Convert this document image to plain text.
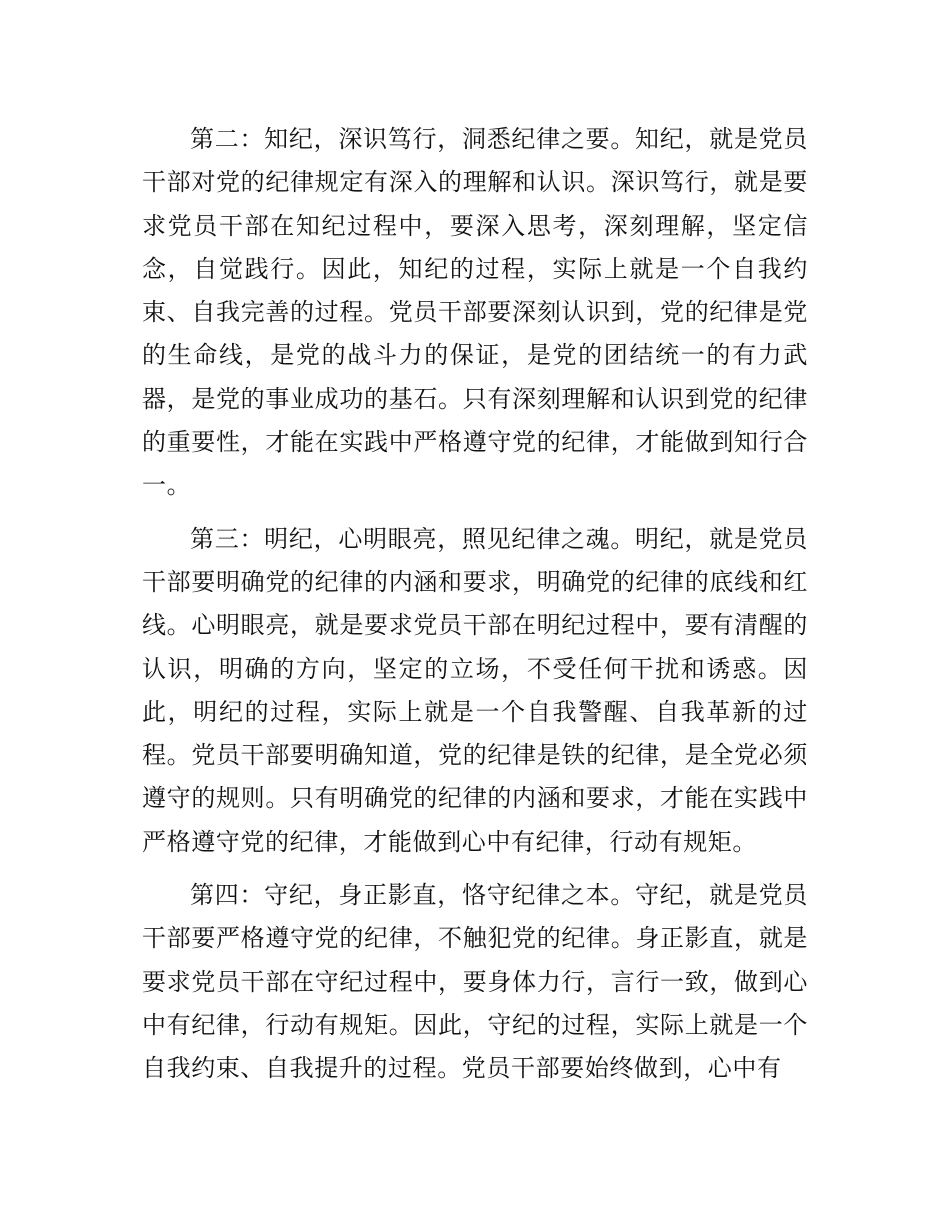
第二：知纪，深识笃行，洞悉纪律之要。知纪，就是党员干部对党的纪律规定有深入的理解和认识。深识笃行，就是要求党员干部在知纪过程中，要深入思考，深刻理解，坚定信念，自觉践行。因此，知纪的过程，实际上就是一个自我约束、自我完善的过程。党员干部要深刻认识到，党的纪律是党的生命线，是党的战斗力的保证，是党的团结统一的有力武器，是党的事业成功的基石。只有深刻理解和认识到党的纪律的重要性，才能在实践中严格遵守党的纪律，才能做到知行合一。

第三：明纪，心明眼亮，照见纪律之魂。明纪，就是党员干部要明确党的纪律的内涵和要求，明确党的纪律的底线和红线。心明眼亮，就是要求党员干部在明纪过程中，要有清醒的认识，明确的方向，坚定的立场，不受任何干扰和诱惑。因此，明纪的过程，实际上就是一个自我警醒、自我革新的过程。党员干部要明确知道，党的纪律是铁的纪律，是全党必须遵守的规则。只有明确党的纪律的内涵和要求，才能在实践中严格遵守党的纪律，才能做到心中有纪律，行动有规矩。

第四：守纪，身正影直，恪守纪律之本。守纪，就是党员干部要严格遵守党的纪律，不触犯党的纪律。身正影直，就是要求党员干部在守纪过程中，要身体力行，言行一致，做到心中有纪律，行动有规矩。因此，守纪的过程，实际上就是一个自我约束、自我提升的过程。党员干部要始终做到，心中有
